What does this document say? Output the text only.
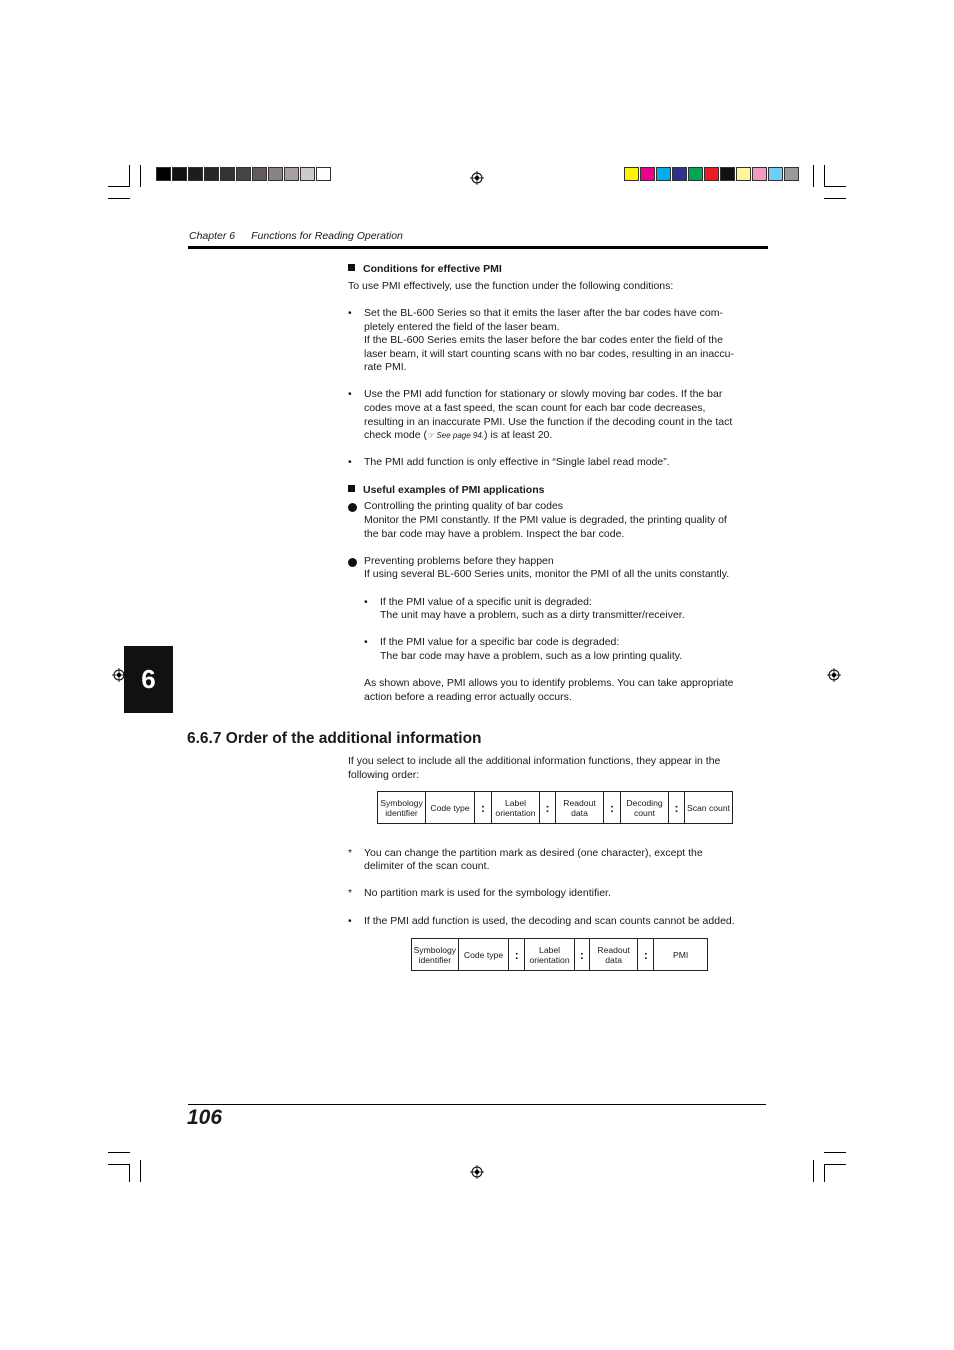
Chapter 6 Functions for Reading Operation
6
Conditions for effective PMI
To use PMI effectively, use the function under the following conditions:
• Set the BL-600 Series so that it emits the laser after the bar codes have com-
pletely entered the field of the laser beam.
If the BL-600 Series emits the laser before the bar codes enter the field of the
laser beam, it will start counting scans with no bar codes, resulting in an inaccu-
rate PMI.
• Use the PMI add function for stationary or slowly moving bar codes. If the bar
codes move at a fast speed, the scan count for each bar code decreases,
resulting in an inaccurate PMI. Use the function if the decoding count in the tact
check mode (☞ See page 94.) is at least 20.
• The PMI add function is only effective in “Single label read mode”.
Useful examples of PMI applications
Controlling the printing quality of bar codes
Monitor the PMI constantly. If the PMI value is degraded, the printing quality of
the bar code may have a problem. Inspect the bar code.
Preventing problems before they happen
If using several BL-600 Series units, monitor the PMI of all the units constantly.
• If the PMI value of a specific unit is degraded:
The unit may have a problem, such as a dirty transmitter/receiver.
• If the PMI value for a specific bar code is degraded:
The bar code may have a problem, such as a low printing quality.
As shown above, PMI allows you to identify problems. You can take appropriate
action before a reading error actually occurs.
6.6.7 Order of the additional information
If you select to include all the additional information functions, they appear in the
following order:
Symbology identifier	Code type :	Label orientation :	Readout data	:	Decoding count	: Scan count
* You can change the partition mark as desired (one character), except the
delimiter of the scan count.
* No partition mark is used for the symbology identifier.
• If the PMI add function is used, the decoding and scan counts cannot be added.
Symbology identifier	Code type :	Label orientation :	Readout data	:	PMI
106
